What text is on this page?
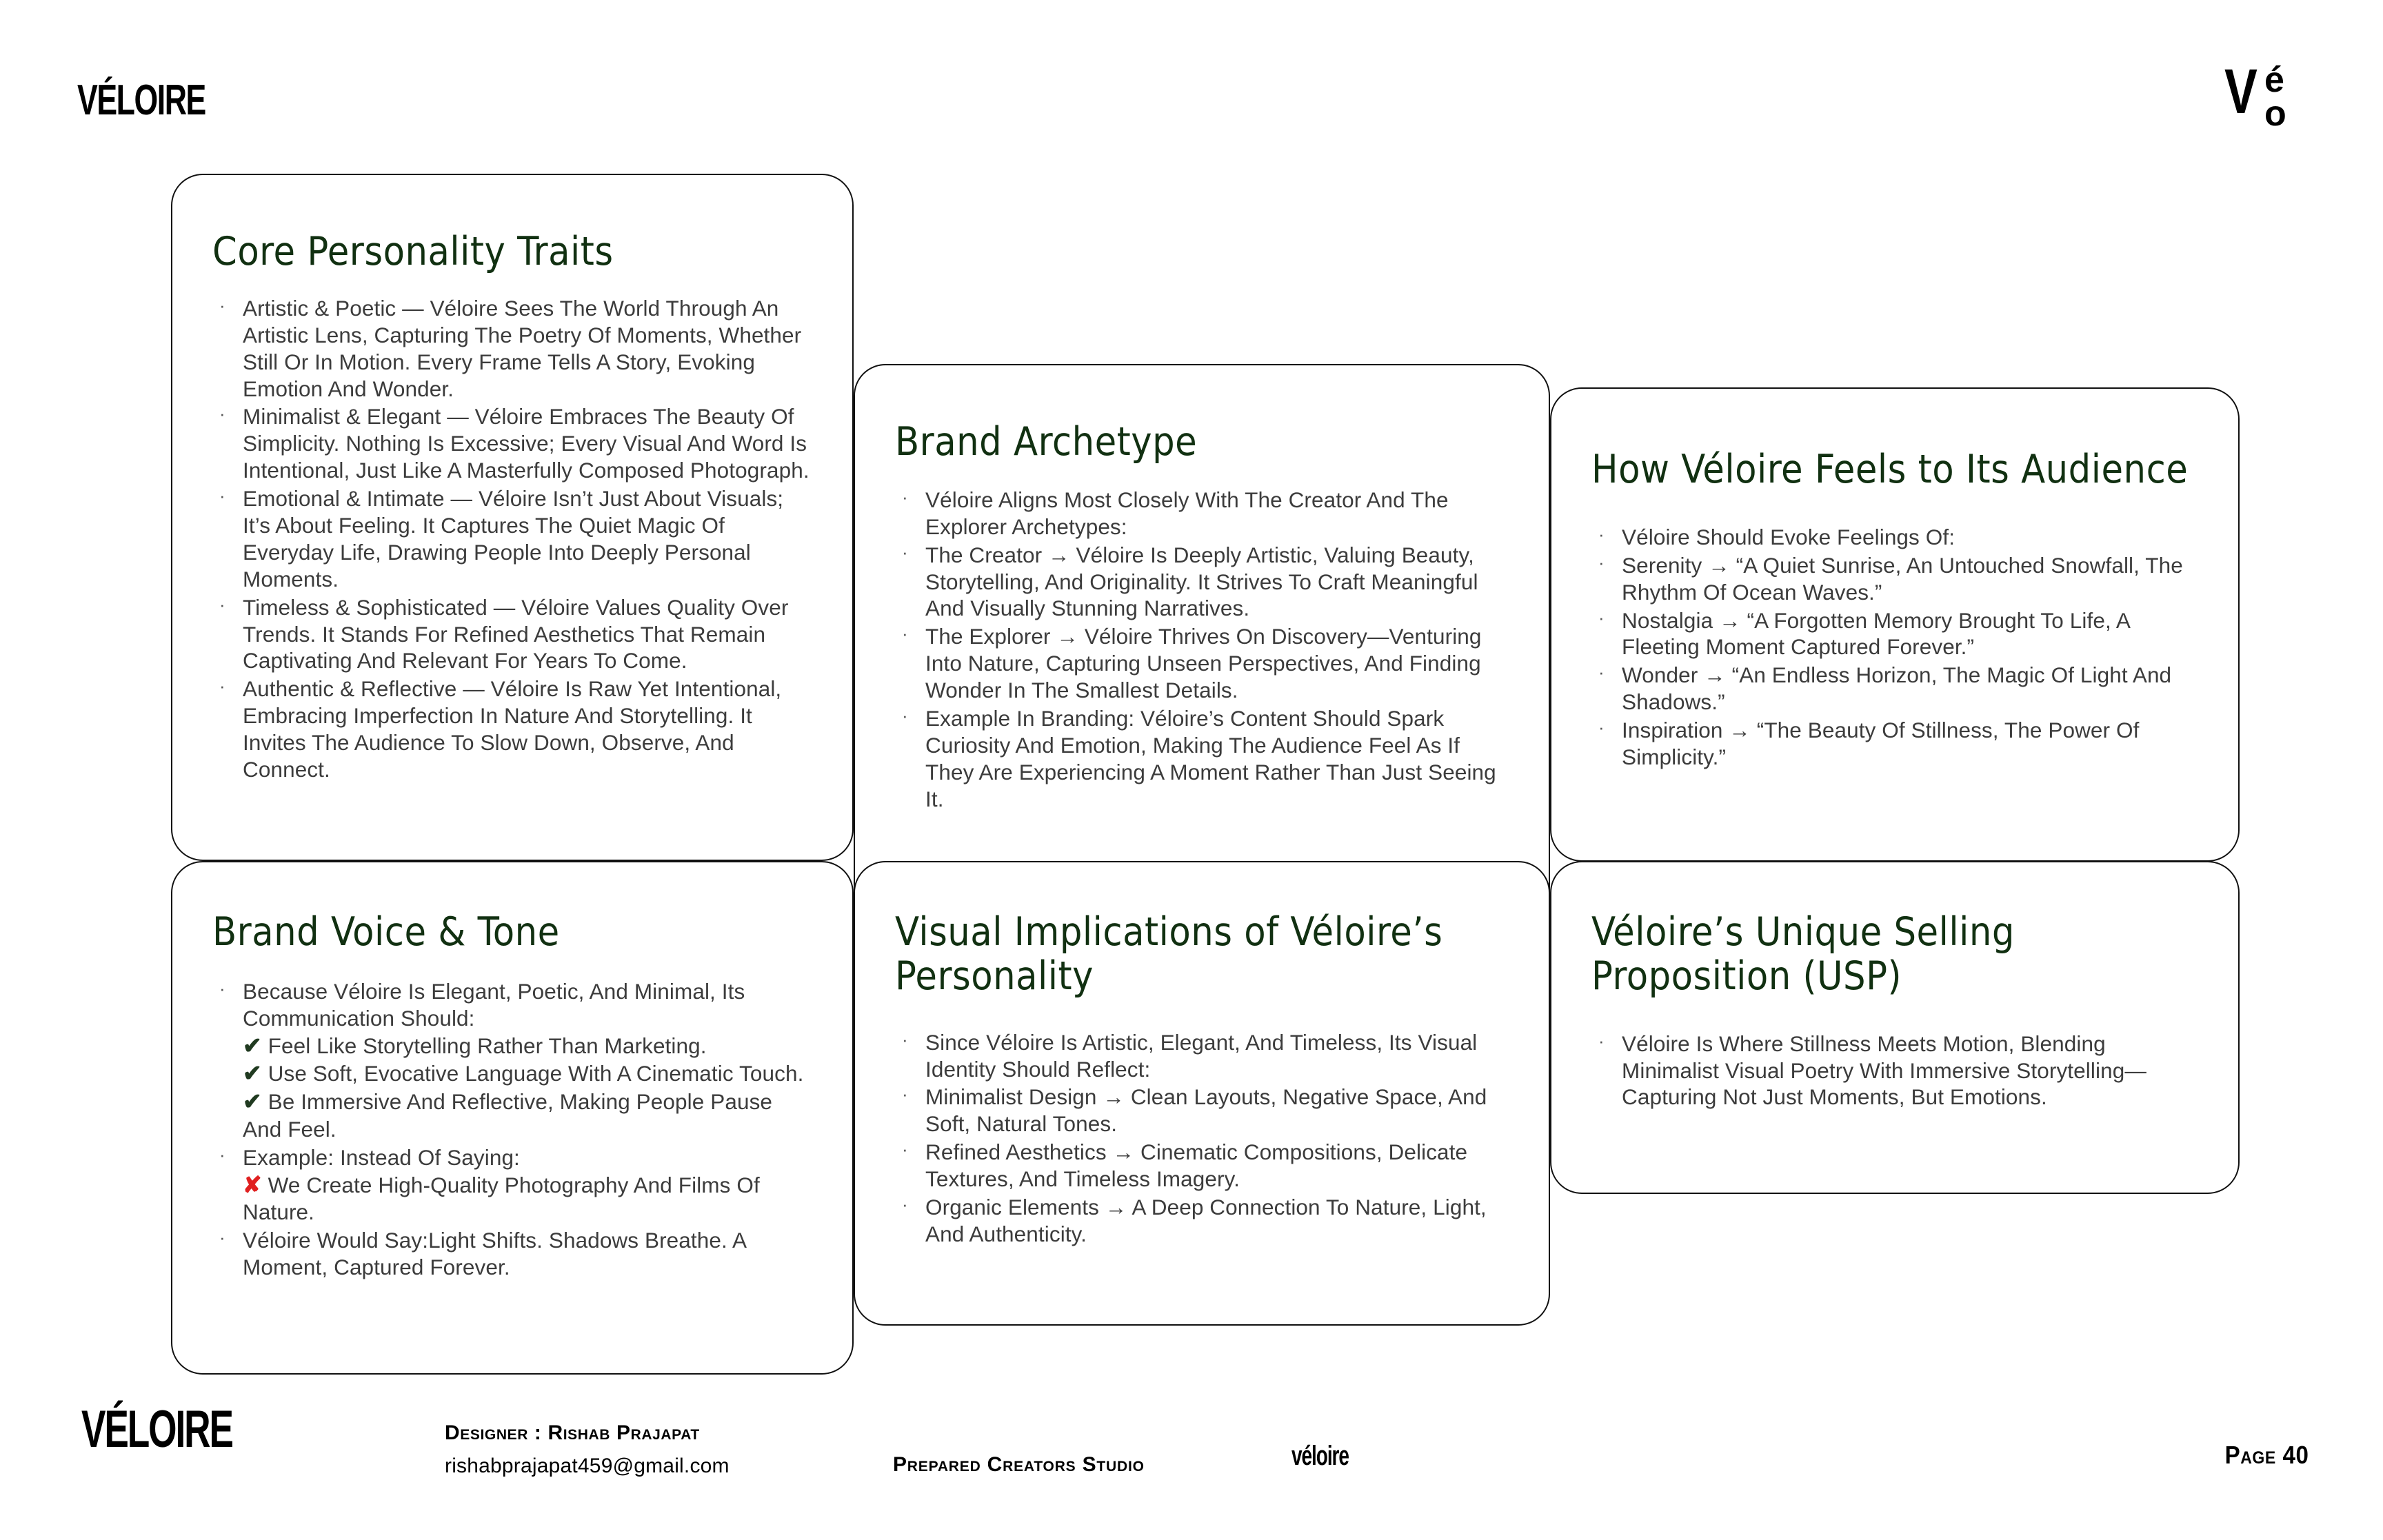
VÉLOIRE	V é
o
Core Personality Traits
· Artistic & Poetic — Véloire Sees The World Through An Artistic Lens, Capturing The Poetry Of Moments, Whether Still Or In Motion. Every Frame Tells A Story, Evoking Emotion And Wonder.
· Minimalist & Elegant — Véloire Embraces The Beauty Of Simplicity. Nothing Is Excessive; Every Visual And Word Is Intentional, Just Like A Masterfully Composed Photograph.
· Emotional & Intimate — Véloire Isn’t Just About Visuals; It’s About Feeling. It Captures The Quiet Magic Of Everyday Life, Drawing People Into Deeply Personal Moments.
· Timeless & Sophisticated — Véloire Values Quality Over Trends. It Stands For Refined Aesthetics That Remain Captivating And Relevant For Years To Come.
· Authentic & Reflective — Véloire Is Raw Yet Intentional, Embracing Imperfection In Nature And Storytelling. It Invites The Audience To Slow Down, Observe, And Connect.
Brand Archetype
· Véloire Aligns Most Closely With The Creator And The Explorer Archetypes:
· The Creator → Véloire Is Deeply Artistic, Valuing Beauty, Storytelling, And Originality. It Strives To Craft Meaningful And Visually Stunning Narratives.
· The Explorer → Véloire Thrives On Discovery—Venturing Into Nature, Capturing Unseen Perspectives, And Finding Wonder In The Smallest Details.
· Example In Branding: Véloire’s Content Should Spark Curiosity And Emotion, Making The Audience Feel As If They Are Experiencing A Moment Rather Than Just Seeing It.
How Véloire Feels to Its Audience
· Véloire Should Evoke Feelings Of:
· Serenity → “A Quiet Sunrise, An Untouched Snowfall, The Rhythm Of Ocean Waves.”
· Nostalgia → “A Forgotten Memory Brought To Life, A Fleeting Moment Captured Forever.”
· Wonder → “An Endless Horizon, The Magic Of Light And Shadows.”
· Inspiration → “The Beauty Of Stillness, The Power Of Simplicity.”
Brand Voice & Tone
· Because Véloire Is Elegant, Poetic, And Minimal, Its Communication Should:
✔ Feel Like Storytelling Rather Than Marketing.
✔ Use Soft, Evocative Language With A Cinematic Touch.
✔ Be Immersive And Reflective, Making People Pause And Feel.
· Example: Instead Of Saying:
✘ We Create High-Quality Photography And Films Of Nature.
· Véloire Would Say:Light Shifts. Shadows Breathe. A Moment, Captured Forever.
Visual Implications of Véloire’s Personality
· Since Véloire Is Artistic, Elegant, And Timeless, Its Visual Identity Should Reflect:
· Minimalist Design → Clean Layouts, Negative Space, And Soft, Natural Tones.
· Refined Aesthetics → Cinematic Compositions, Delicate Textures, And Timeless Imagery.
· Organic Elements → A Deep Connection To Nature, Light, And Authenticity.
Véloire’s Unique Selling Proposition (USP)
· Véloire Is Where Stillness Meets Motion, Blending Minimalist Visual Poetry With Immersive Storytelling—Capturing Not Just Moments, But Emotions.
VÉLOIRE	Designer : Rishab Prajapat
rishabprajapat459@gmail.com	Prepared Creators Studio	véloire	Page 40
